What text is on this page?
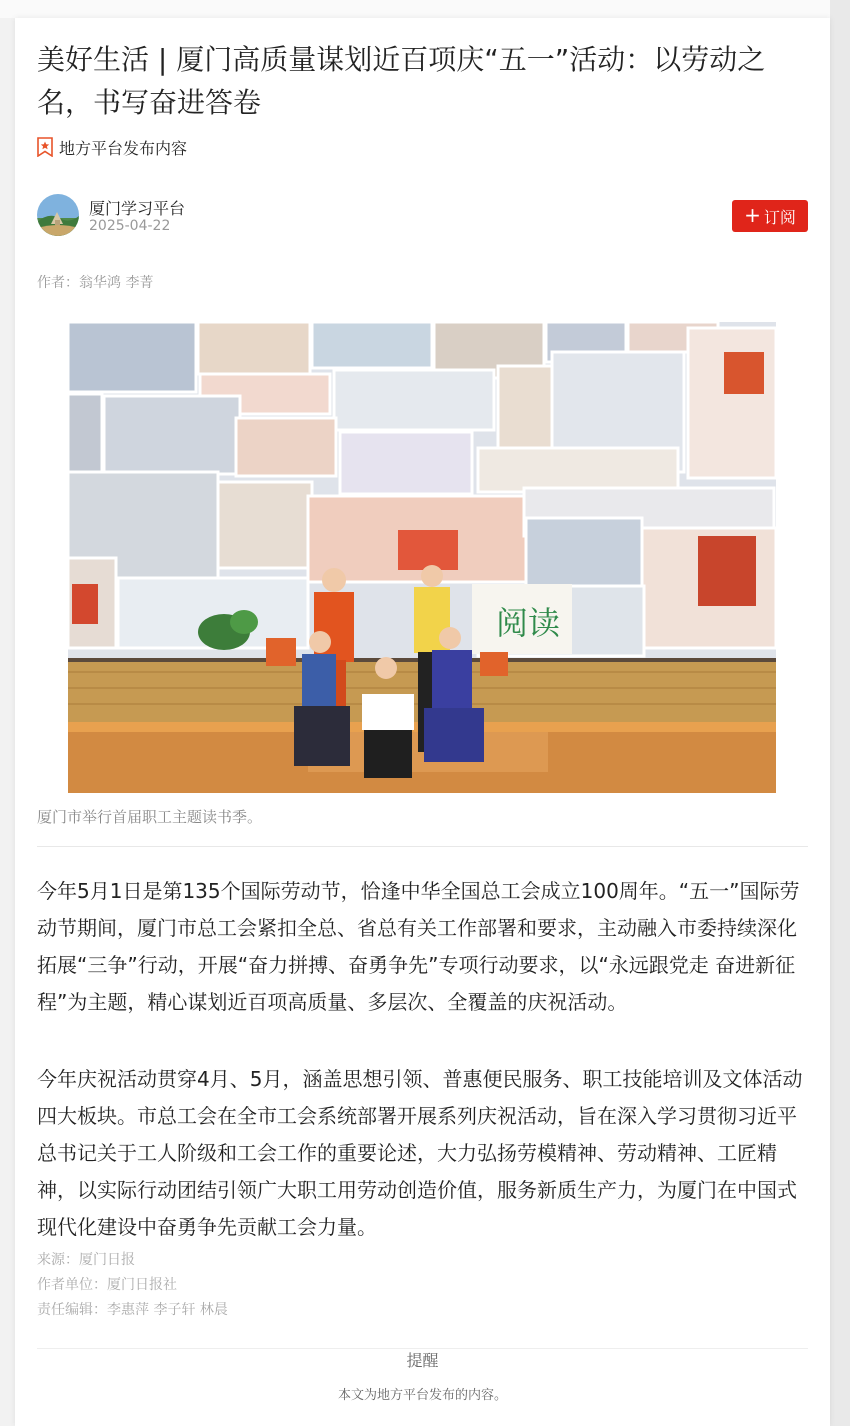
美好生活 | 厦门高质量谋划近百项庆“五一”活动：以劳动之名，书写奋进答卷
地方平台发布内容
厦门学习平台
2025-04-22	+ 订阅
作者：翁华鸿 李菁
阅读
厦门市举行首届职工主题读书季。

今年5月1日是第135个国际劳动节，恰逢中华全国总工会成立100周年。“五一”国际劳动节期间，厦门市总工会紧扣全总、省总有关工作部署和要求，主动融入市委持续深化拓展“三争”行动，开展“奋力拼搏、奋勇争先”专项行动要求，以“永远跟党走 奋进新征程”为主题，精心谋划近百项高质量、多层次、全覆盖的庆祝活动。

今年庆祝活动贯穿4月、5月，涵盖思想引领、普惠便民服务、职工技能培训及文体活动四大板块。市总工会在全市工会系统部署开展系列庆祝活动，旨在深入学习贯彻习近平总书记关于工人阶级和工会工作的重要论述，大力弘扬劳模精神、劳动精神、工匠精神，以实际行动团结引领广大职工用劳动创造价值，服务新质生产力，为厦门在中国式现代化建设中奋勇争先贡献工会力量。

来源：厦门日报
作者单位：厦门日报社
责任编辑：李惠萍 李子轩 林晨
提醒
本文为地方平台发布的内容。
